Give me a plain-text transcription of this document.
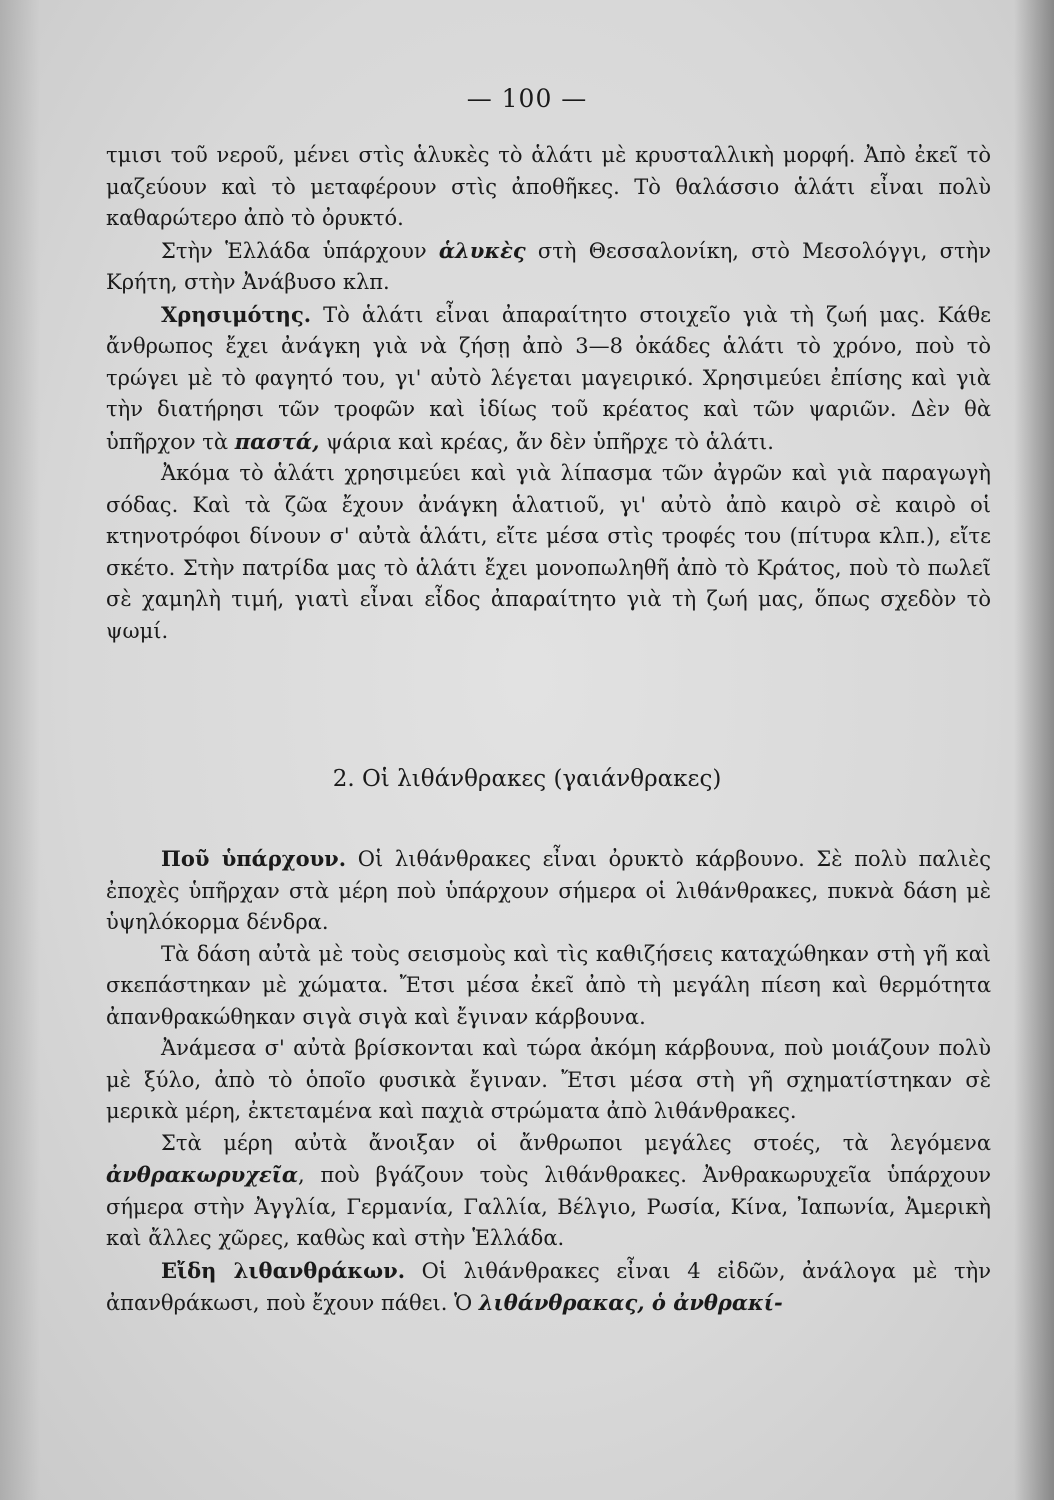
— 100 —

τμισι τοῦ νεροῦ, μένει στὶς ἁλυκὲς τὸ ἁλάτι μὲ κρυσταλλικὴ μορφή. Ἀπὸ ἐκεῖ τὸ μαζεύουν καὶ τὸ μεταφέρουν στὶς ἀποθῆκες. Τὸ θαλάσσιο ἁλάτι εἶναι πολὺ καθαρώτερο ἀπὸ τὸ ὀρυκτό.

Στὴν Ἑλλάδα ὑπάρχουν ἁλυκὲς στὴ Θεσσαλονίκη, στὸ Μεσολόγγι, στὴν Κρήτη, στὴν Ἀνάβυσο κλπ.

Χρησιμότης. Τὸ ἁλάτι εἶναι ἀπαραίτητο στοιχεῖο γιὰ τὴ ζωή μας. Κάθε ἄνθρωπος ἔχει ἀνάγκη γιὰ νὰ ζήσῃ ἀπὸ 3—8 ὀκάδες ἁλάτι τὸ χρόνο, ποὺ τὸ τρώγει μὲ τὸ φαγητό του, γι' αὐτὸ λέγεται μαγειρικό. Χρησιμεύει ἐπίσης καὶ γιὰ τὴν διατήρησι τῶν τροφῶν καὶ ἰδίως τοῦ κρέατος καὶ τῶν ψαριῶν. Δὲν θὰ ὑπῆρχον τὰ παστά, ψάρια καὶ κρέας, ἄν δὲν ὑπῆρχε τὸ ἁλάτι.

Ἀκόμα τὸ ἁλάτι χρησιμεύει καὶ γιὰ λίπασμα τῶν ἀγρῶν καὶ γιὰ παραγωγὴ σόδας. Καὶ τὰ ζῶα ἔχουν ἀνάγκη ἁλατιοῦ, γι' αὐτὸ ἀπὸ καιρὸ σὲ καιρὸ οἱ κτηνοτρόφοι δίνουν σ' αὐτὰ ἁλάτι, εἴτε μέσα στὶς τροφές του (πίτυρα κλπ.), εἴτε σκέτο. Στὴν πατρίδα μας τὸ ἁλάτι ἔχει μονοπωληθῆ ἀπὸ τὸ Κράτος, ποὺ τὸ πωλεῖ σὲ χαμηλὴ τιμή, γιατὶ εἶναι εἶδος ἀπαραίτητο γιὰ τὴ ζωή μας, ὅπως σχεδὸν τὸ ψωμί.

2. Οἱ λιθάνθρακες (γαιάνθρακες)

Ποῦ ὑπάρχουν. Οἱ λιθάνθρακες εἶναι ὀρυκτὸ κάρβουνο. Σὲ πολὺ παλιὲς ἐποχὲς ὑπῆρχαν στὰ μέρη ποὺ ὑπάρχουν σήμερα οἱ λιθάνθρακες, πυκνὰ δάση μὲ ὑψηλόκορμα δένδρα.

Τὰ δάση αὐτὰ μὲ τοὺς σεισμοὺς καὶ τὶς καθιζήσεις καταχώθηκαν στὴ γῆ καὶ σκεπάστηκαν μὲ χώματα. Ἔτσι μέσα ἐκεῖ ἀπὸ τὴ μεγάλη πίεση καὶ θερμότητα ἀπανθρακώθηκαν σιγὰ σιγὰ καὶ ἔγιναν κάρβουνα.

Ἀνάμεσα σ' αὐτὰ βρίσκονται καὶ τώρα ἀκόμη κάρβουνα, ποὺ μοιάζουν πολὺ μὲ ξύλο, ἀπὸ τὸ ὁποῖο φυσικὰ ἔγιναν. Ἔτσι μέσα στὴ γῆ σχηματίστηκαν σὲ μερικὰ μέρη, ἐκτεταμένα καὶ παχιὰ στρώματα ἀπὸ λιθάνθρακες.

Στὰ μέρη αὐτὰ ἄνοιξαν οἱ ἄνθρωποι μεγάλες στοές, τὰ λεγόμενα ἀνθρακωρυχεῖα, ποὺ βγάζουν τοὺς λιθάνθρακες. Ἀνθρακωρυχεῖα ὑπάρχουν σήμερα στὴν Ἀγγλία, Γερμανία, Γαλλία, Βέλγιο, Ρωσία, Κίνα, Ἰαπωνία, Ἀμερικὴ καὶ ἄλλες χῶρες, καθὼς καὶ στὴν Ἑλλάδα.

Εἴδη λιθανθράκων. Οἱ λιθάνθρακες εἶναι 4 εἰδῶν, ἀνάλογα μὲ τὴν ἀπανθράκωσι, ποὺ ἔχουν πάθει. Ὁ λιθάνθρακας, ὁ ἀνθρακί-
